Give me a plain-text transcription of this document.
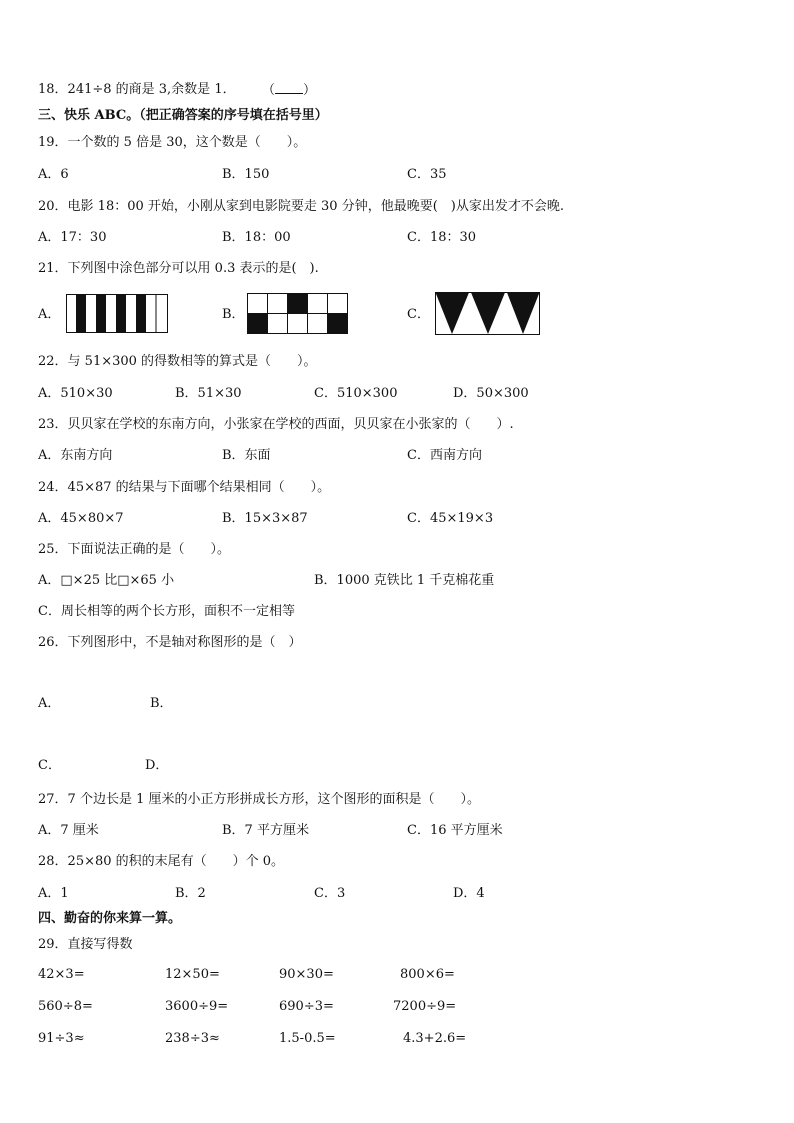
18．241÷8 的商是 3,余数是 1． （ ）
三、快乐 ABC。（把正确答案的序号填在括号里）
19．一个数的 5 倍是 30，这个数是（　　）。
A．6	B．150	C．35
20．电影 18：00 开始，小刚从家到电影院要走 30 分钟，他最晚要(　)从家出发才不会晚.
A．17：30	B．18：00	C．18：30
21．下列图中涂色部分可以用 0.3 表示的是(　).
A．	B．	C．
22．与 51×300 的得数相等的算式是（　　）。
A．510×30	B．51×30	C．510×300	D．50×300
23．贝贝家在学校的东南方向，小张家在学校的西面，贝贝家在小张家的（　　）.
A．东南方向	B．东面	C．西南方向
24．45×87 的结果与下面哪个结果相同（　　）。
A．45×80×7	B．15×3×87	C．45×19×3
25．下面说法正确的是（　　）。
A．□×25 比□×65 小	B．1000 克铁比 1 千克棉花重
C．周长相等的两个长方形，面积不一定相等
26．下列图形中，不是轴对称图形的是（　）
A．	B．
C．	D．
27．7 个边长是 1 厘米的小正方形拼成长方形，这个图形的面积是（　　）。
A．7 厘米	B．7 平方厘米	C．16 平方厘米
28．25×80 的积的末尾有（　　）个 0。
A．1	B．2	C．3	D．4
四、勤奋的你来算一算。
29．直接写得数
42×3=	12×50=	90×30=	800×6=
560÷8=	3600÷9=	690÷3=	7200÷9=
91÷3≈	238÷3≈	1.5-0.5=	4.3+2.6=
